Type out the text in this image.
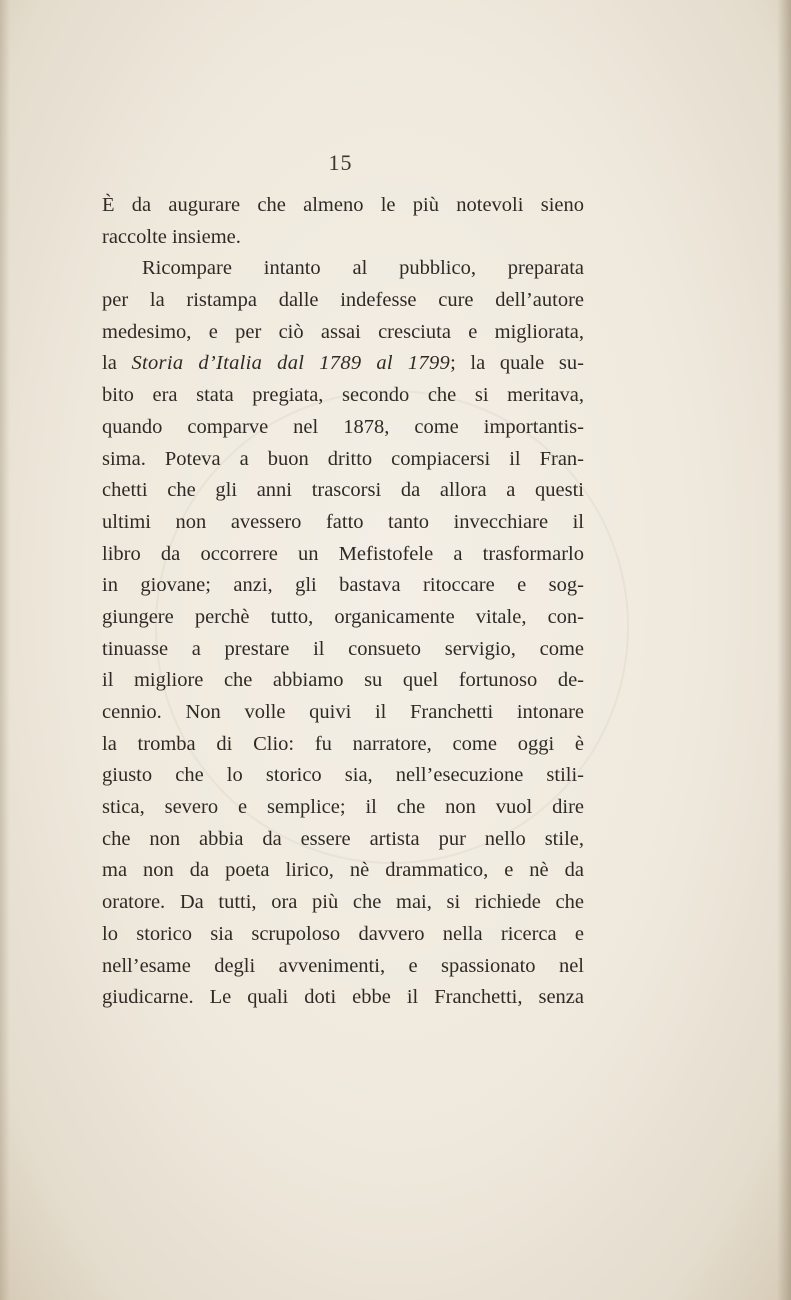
15
È da augurare che almeno le più notevoli sieno
raccolte insieme.
Ricompare intanto al pubblico, preparata
per la ristampa dalle indefesse cure dell’autore
medesimo, e per ciò assai cresciuta e migliorata,
la Storia d’Italia dal 1789 al 1799; la quale su-
bito era stata pregiata, secondo che si meritava,
quando comparve nel 1878, come importantis-
sima. Poteva a buon dritto compiacersi il Fran-
chetti che gli anni trascorsi da allora a questi
ultimi non avessero fatto tanto invecchiare il
libro da occorrere un Mefistofele a trasformarlo
in giovane; anzi, gli bastava ritoccare e sog-
giungere perchè tutto, organicamente vitale, con-
tinuasse a prestare il consueto servigio, come
il migliore che abbiamo su quel fortunoso de-
cennio. Non volle quivi il Franchetti intonare
la tromba di Clio: fu narratore, come oggi è
giusto che lo storico sia, nell’esecuzione stili-
stica, severo e semplice; il che non vuol dire
che non abbia da essere artista pur nello stile,
ma non da poeta lirico, nè drammatico, e nè da
oratore. Da tutti, ora più che mai, si richiede che
lo storico sia scrupoloso davvero nella ricerca e
nell’esame degli avvenimenti, e spassionato nel
giudicarne. Le quali doti ebbe il Franchetti, senza
